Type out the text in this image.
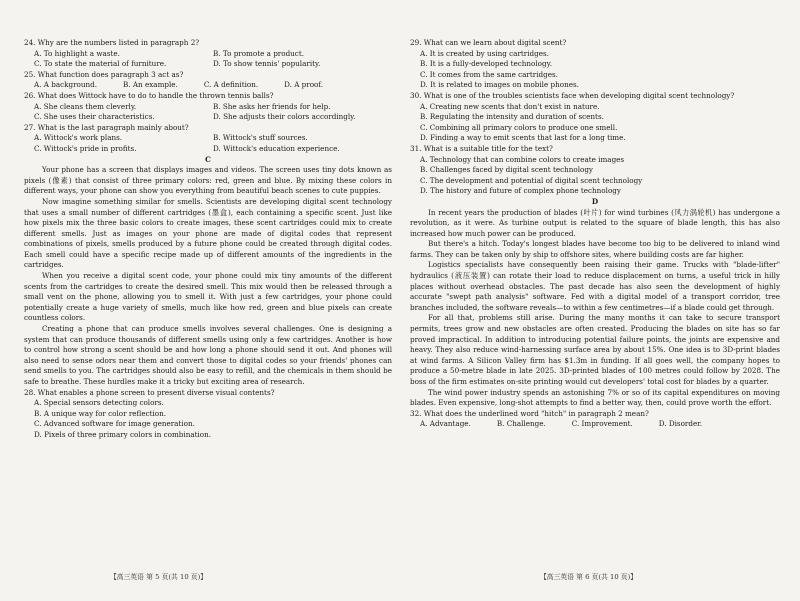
24. Why are the numbers listed in paragraph 2?

A. To highlight a waste.	B. To promote a product.
C. To state the material of furniture.	D. To show tennis' popularity.

25. What function does paragraph 3 act as?

A. A background.	B. An example.	C. A definition.	D. A proof.

26. What does Wittock have to do to handle the thrown tennis balls?

A. She cleans them cleverly.	B. She asks her friends for help.
C. She uses their characteristics.	D. She adjusts their colors accordingly.

27. What is the last paragraph mainly about?

A. Wittock's work plans.	B. Wittock's stuff sources.
C. Wittock's pride in profits.	D. Wittock's education experience.

C

Your phone has a screen that displays images and videos. The screen uses tiny dots known as pixels (像素) that consist of three primary colors: red, green and blue. By mixing these colors in different ways, your phone can show you everything from beautiful beach scenes to cute puppies.

Now imagine something similar for smells. Scientists are developing digital scent technology that uses a small number of different cartridges (墨盒), each containing a specific scent. Just like how pixels mix the three basic colors to create images, these scent cartridges could mix to create different smells. Just as images on your phone are made of digital codes that represent combinations of pixels, smells produced by a future phone could be created through digital codes. Each smell could have a specific recipe made up of different amounts of the ingredients in the cartridges.

When you receive a digital scent code, your phone could mix tiny amounts of the different scents from the cartridges to create the desired smell. This mix would then be released through a small vent on the phone, allowing you to smell it. With just a few cartridges, your phone could potentially create a huge variety of smells, much like how red, green and blue pixels can create countless colors.

Creating a phone that can produce smells involves several challenges. One is designing a system that can produce thousands of different smells using only a few cartridges. Another is how to control how strong a scent should be and how long a phone should send it out. And phones will also need to sense odors near them and convert those to digital codes so your friends' phones can send smells to you. The cartridges should also be easy to refill, and the chemicals in them should be safe to breathe. These hurdles make it a tricky but exciting area of research.

28. What enables a phone screen to present diverse visual contents?

A. Special sensors detecting colors.
B. A unique way for color reflection.
C. Advanced software for image generation.
D. Pixels of three primary colors in combination.

29. What can we learn about digital scent?

A. It is created by using cartridges.
B. It is a fully-developed technology.
C. It comes from the same cartridges.
D. It is related to images on mobile phones.

30. What is one of the troubles scientists face when developing digital scent technology?

A. Creating new scents that don't exist in nature.
B. Regulating the intensity and duration of scents.
C. Combining all primary colors to produce one smell.
D. Finding a way to emit scents that last for a long time.

31. What is a suitable title for the text?

A. Technology that can combine colors to create images
B. Challenges faced by digital scent technology
C. The development and potential of digital scent technology
D. The history and future of complex phone technology

D

In recent years the production of blades (叶片) for wind turbines (风力涡轮机) has undergone a revolution, as it were. As turbine output is related to the square of blade length, this has also increased how much power can be produced.

But there's a hitch. Today's longest blades have become too big to be delivered to inland wind farms. They can be taken only by ship to offshore sites, where building costs are far higher.

Logistics specialists have consequently been raising their game. Trucks with "blade-lifter" hydraulics (液压装置) can rotate their load to reduce displacement on turns, a useful trick in hilly places without overhead obstacles. The past decade has also seen the development of highly accurate "swept path analysis" software. Fed with a digital model of a transport corridor, tree branches included, the software reveals—to within a few centimetres—if a blade could get through.

For all that, problems still arise. During the many months it can take to secure transport permits, trees grow and new obstacles are often created. Producing the blades on site has so far proved impractical. In addition to introducing potential failure points, the joints are expensive and heavy. They also reduce wind-harnessing surface area by about 15%. One idea is to 3D-print blades at wind farms. A Silicon Valley firm has $1.3m in funding. If all goes well, the company hopes to produce a 50-metre blade in late 2025. 3D-printed blades of 100 metres could follow by 2028. The boss of the firm estimates on-site printing would cut developers' total cost for blades by a quarter.

The wind power industry spends an astonishing 7% or so of its capital expenditures on moving blades. Even expensive, long-shot attempts to find a better way, then, could prove worth the effort.

32. What does the underlined word "hitch" in paragraph 2 mean?

A. Advantage.	B. Challenge.	C. Improvement.	D. Disorder.
【高三英语 第 5 页(共 10 页)】	【高三英语 第 6 页(共 10 页)】
